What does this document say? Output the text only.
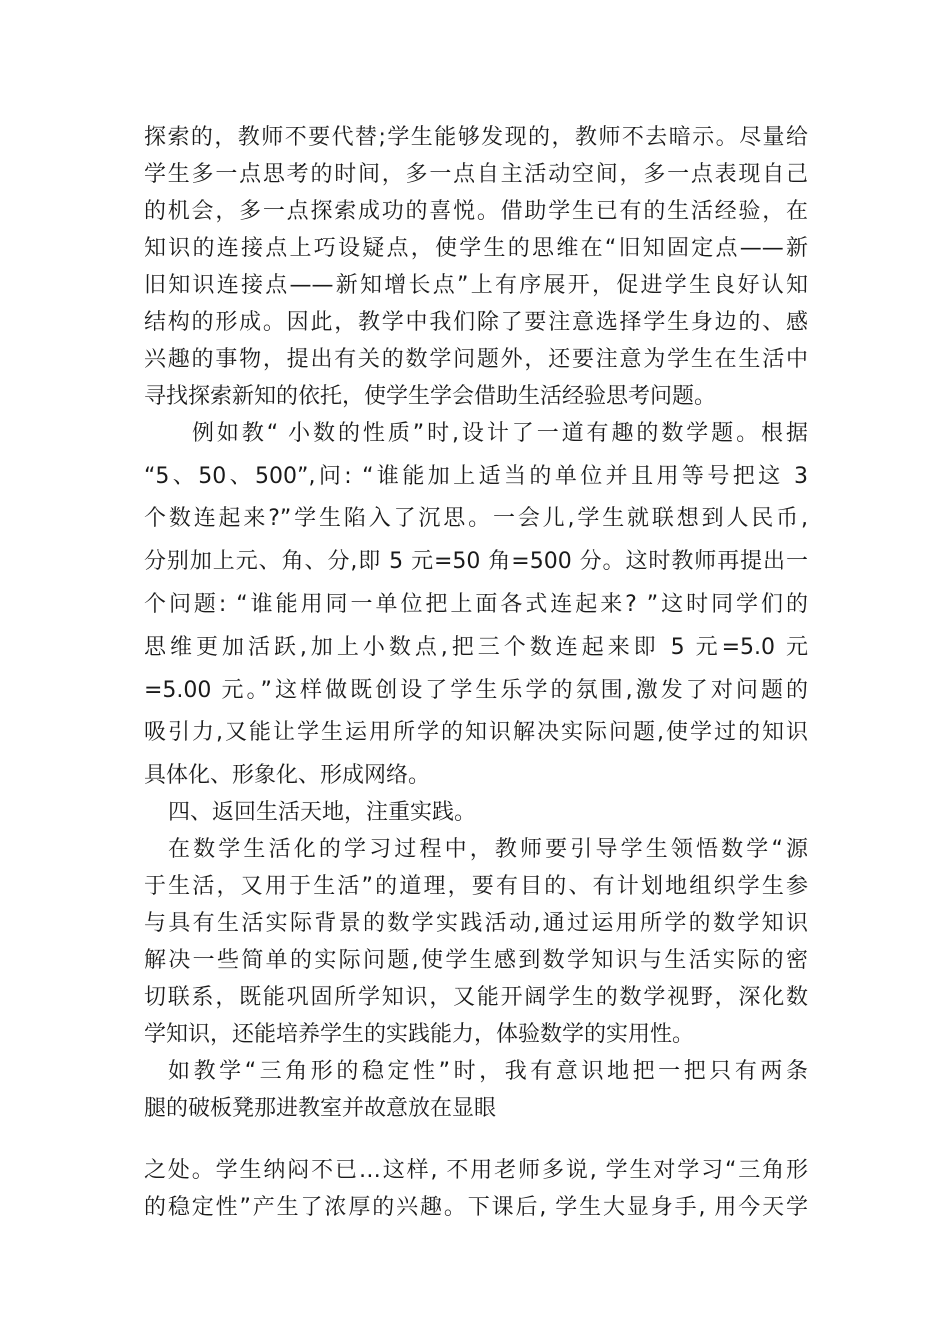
探索的，教师不要代替;学生能够发现的，教师不去暗示。尽量给
学生多一点思考的时间，多一点自主活动空间，多一点表现自己
的机会，多一点探索成功的喜悦。借助学生已有的生活经验，在
知识的连接点上巧设疑点，使学生的思维在“旧知固定点——新
旧知识连接点——新知增长点”上有序展开，促进学生良好认知
结构的形成。因此，教学中我们除了要注意选择学生身边的、感
兴趣的事物，提出有关的数学问题外，还要注意为学生在生活中
寻找探索新知的依托，使学生学会借助生活经验思考问题。
例如教“ 小数的性质”时,设计了一道有趣的数学题。根据
“5、50、500”,问: “谁能加上适当的单位并且用等号把这 3
个数连起来?”学生陷入了沉思。一会儿,学生就联想到人民币,
分别加上元、角、分,即 5 元=50 角=500 分。这时教师再提出一
个问题: “谁能用同一单位把上面各式连起来? ”这时同学们的
思维更加活跃,加上小数点,把三个数连起来即 5 元=5.0 元
=5.00 元。”这样做既创设了学生乐学的氛围,激发了对问题的
吸引力,又能让学生运用所学的知识解决实际问题,使学过的知识
具体化、形象化、形成网络。
四、返回生活天地，注重实践。
在数学生活化的学习过程中，教师要引导学生领悟数学“源
于生活，又用于生活”的道理，要有目的、有计划地组织学生参
与具有生活实际背景的数学实践活动,通过运用所学的数学知识
解决一些简单的实际问题,使学生感到数学知识与生活实际的密
切联系，既能巩固所学知识，又能开阔学生的数学视野，深化数
学知识，还能培养学生的实践能力，体验数学的实用性。
如教学“三角形的稳定性”时，我有意识地把一把只有两条
腿的破板凳那进教室并故意放在显眼
之处。学生纳闷不已…这样, 不用老师多说, 学生对学习“三角形
的稳定性”产生了浓厚的兴趣。下课后, 学生大显身手, 用今天学
